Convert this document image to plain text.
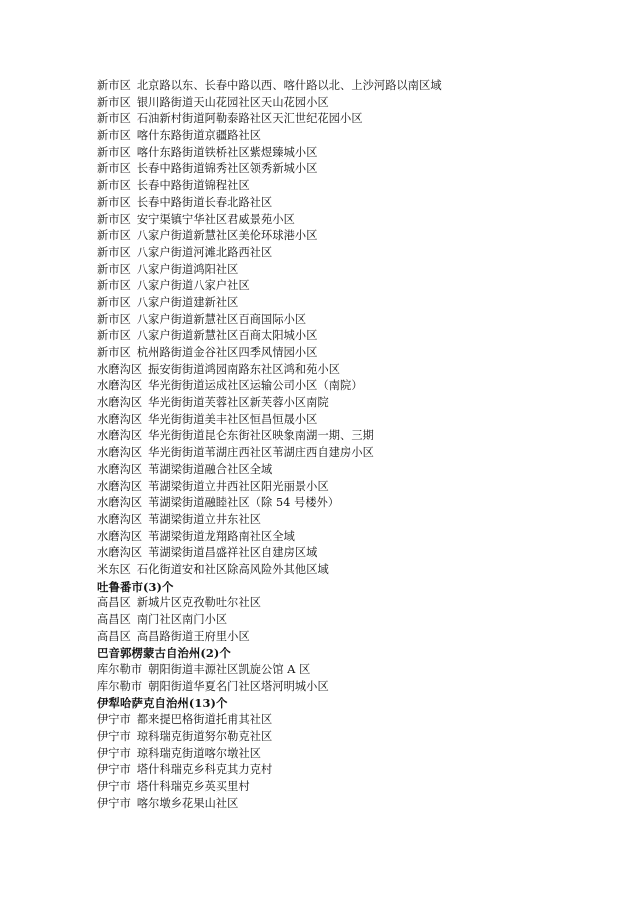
新市区 北京路以东、长春中路以西、喀什路以北、上沙河路以南区域
新市区 银川路街道天山花园社区天山花园小区
新市区 石油新村街道阿勒泰路社区天汇世纪花园小区
新市区 喀什东路街道京疆路社区
新市区 喀什东路街道铁桥社区紫煜臻城小区
新市区 长春中路街道锦秀社区领秀新城小区
新市区 长春中路街道锦程社区
新市区 长春中路街道长春北路社区
新市区 安宁渠镇宁华社区君威景苑小区
新市区 八家户街道新慧社区美伦环球港小区
新市区 八家户街道河滩北路西社区
新市区 八家户街道鸿阳社区
新市区 八家户街道八家户社区
新市区 八家户街道建新社区
新市区 八家户街道新慧社区百商国际小区
新市区 八家户街道新慧社区百商太阳城小区
新市区 杭州路街道金谷社区四季风情园小区
水磨沟区 振安街街道鸿园南路东社区鸿和苑小区
水磨沟区 华光街街道运成社区运输公司小区（南院）
水磨沟区 华光街街道芙蓉社区新芙蓉小区南院
水磨沟区 华光街街道美丰社区恒昌恒晟小区
水磨沟区 华光街街道昆仑东街社区映象南湖一期、三期
水磨沟区 华光街街道苇湖庄西社区苇湖庄西自建房小区
水磨沟区 苇湖梁街道融合社区全域
水磨沟区 苇湖梁街道立井西社区阳光丽景小区
水磨沟区 苇湖梁街道融睦社区（除 54 号楼外）
水磨沟区 苇湖梁街道立井东社区
水磨沟区 苇湖梁街道龙翔路南社区全域
水磨沟区 苇湖梁街道昌盛祥社区自建房区域
米东区 石化街道安和社区除高风险外其他区域
吐鲁番市(3)个
高昌区 新城片区克孜勒吐尔社区
高昌区 南门社区南门小区
高昌区 高昌路街道王府里小区
巴音郭楞蒙古自治州(2)个
库尔勒市 朝阳街道丰源社区凯旋公馆 A 区
库尔勒市 朝阳街道华夏名门社区塔河明城小区
伊犁哈萨克自治州(13)个
伊宁市 都来提巴格街道托甫其社区
伊宁市 琼科瑞克街道努尔勒克社区
伊宁市 琼科瑞克街道喀尔墩社区
伊宁市 塔什科瑞克乡科克其力克村
伊宁市 塔什科瑞克乡英买里村
伊宁市 喀尔墩乡花果山社区
